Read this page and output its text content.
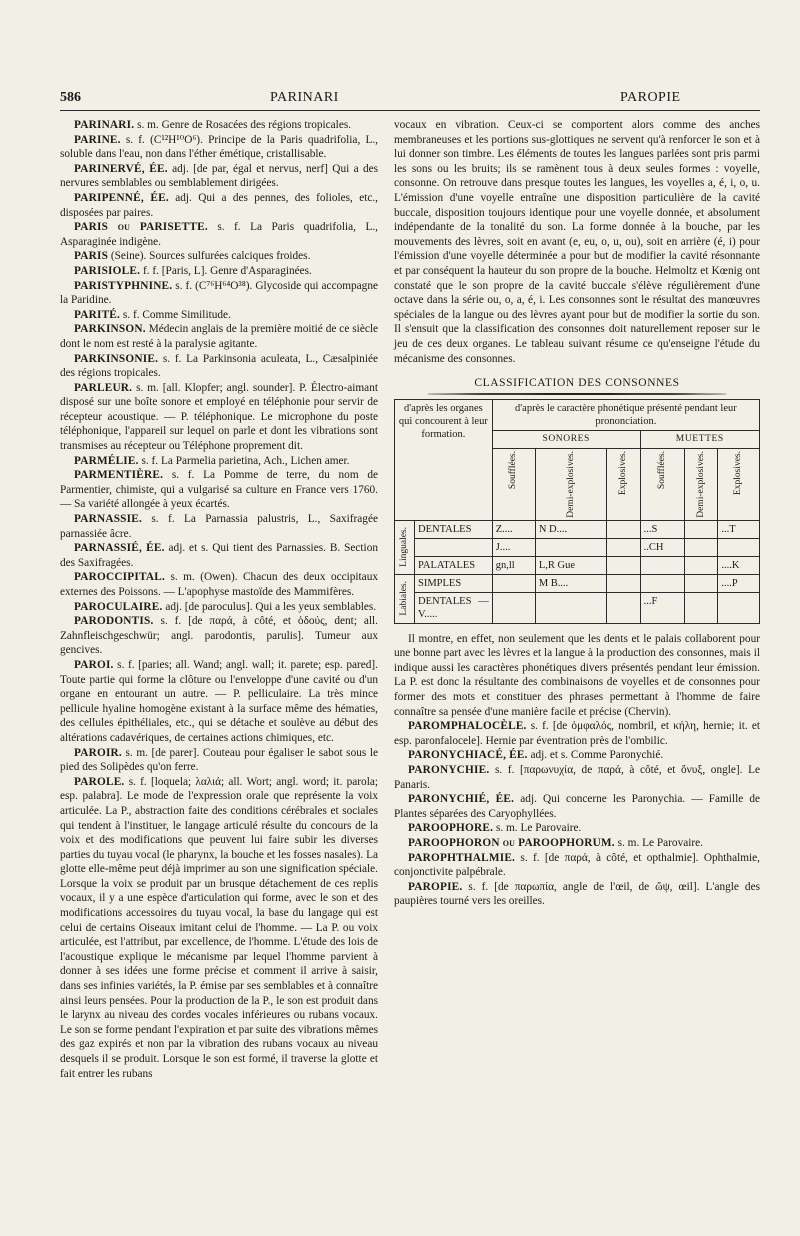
586	PARINARI	PAROPIE

PARINARI. s. m. Genre de Rosacées des régions tropicales.

PARINE. s. f. (C¹²H¹⁰O⁶). Principe de la Paris quadrifolia, L., soluble dans l'eau, non dans l'éther émétique, cristallisable.

PARINERVÉ, ÉE. adj. [de par, égal et nervus, nerf] Qui a des nervures semblables ou semblablement dirigées.

PARIPENNÉ, ÉE. adj. Qui a des pennes, des folioles, etc., disposées par paires.

PARIS ou PARISETTE. s. f. La Paris quadrifolia, L., Asparaginée indigène.

PARIS (Seine). Sources sulfurées calciques froides.

PARISIOLE. f. f. [Paris, L]. Genre d'Asparaginées.

PARISTYPHNINE. s. f. (C⁷⁶H⁶⁴O³⁸). Glycoside qui accompagne la Paridine.

PARITÉ. s. f. Comme Similitude.

PARKINSON. Médecin anglais de la première moitié de ce siècle dont le nom est resté à la paralysie agitante.

PARKINSONIE. s. f. La Parkinsonia aculeata, L., Cæsalpiniée des régions tropicales.

PARLEUR. s. m. [all. Klopfer; angl. sounder]. P. Électro-aimant disposé sur une boîte sonore et employé en téléphonie pour servir de récepteur acoustique. — P. téléphonique. Le microphone du poste téléphonique, l'appareil sur lequel on parle et dont les vibrations sont transmises au récepteur ou Téléphone proprement dit.

PARMÉLIE. s. f. La Parmelia parietina, Ach., Lichen amer.

PARMENTIÈRE. s. f. La Pomme de terre, du nom de Parmentier, chimiste, qui a vulgarisé sa culture en France vers 1760. — Sa variété allongée à yeux écartés.

PARNASSIE. s. f. La Parnassia palustris, L., Saxifragée parnassiée âcre.

PARNASSIÉ, ÉE. adj. et s. Qui tient des Parnassies. B. Section des Saxifragées.

PAROCCIPITAL. s. m. (Owen). Chacun des deux occipitaux externes des Poissons. — L'apophyse mastoïde des Mammifères.

PAROCULAIRE. adj. [de paroculus]. Qui a les yeux semblables.

PARODONTIS. s. f. [de παρά, à côté, et ὀδούς, dent; all. Zahnfleischgeschwür; angl. parodontis, parulis]. Tumeur aux gencives.

PAROI. s. f. [paries; all. Wand; angl. wall; it. parete; esp. pared]. Toute partie qui forme la clôture ou l'enveloppe d'une cavité ou d'un organe en entourant un autre. — P. pelliculaire. La très mince pellicule hyaline homogène existant à la surface même des hématies, des cellules épithéliales, etc., qui se détache et soulève au début des altérations cadavériques, de certaines actions chimiques, etc.

PAROIR. s. m. [de parer]. Couteau pour égaliser le sabot sous le pied des Solipèdes qu'on ferre.

PAROLE. s. f. [loquela; λαλιά; all. Wort; angl. word; it. parola; esp. palabra]. Le mode de l'expression orale que représente la voix articulée. La P., abstraction faite des conditions cérébrales et sociales qui tendent à l'instituer, le langage articulé résulte du concours de la voix et des modifications que peuvent lui faire subir les diverses parties du tuyau vocal (le pharynx, la bouche et les fosses nasales). La glotte elle-même peut déjà imprimer au son une signification spéciale. Lorsque la voix se produit par un brusque détachement de ces replis vocaux, il y a une espèce d'articulation qui forme, avec le son et des modifications accessoires du tuyau vocal, la base du langage qui est celui de certains Oiseaux imitant celui de l'homme. — La P. ou voix articulée, est l'attribut, par excellence, de l'homme. L'étude des lois de l'acoustique explique le mécanisme par lequel l'homme parvient à donner à ses idées une forme précise et comment il arrive à saisir, dans ses infinies variétés, la P. émise par ses semblables et à connaître ainsi leurs pensées. Pour la production de la P., le son est produit dans le larynx au niveau des cordes vocales inférieures ou rubans vocaux. Le son se forme pendant l'expiration et par suite des vibrations mêmes des gaz expirés et non par la vibration des rubans vocaux au niveau desquels il se produit. Lorsque le son est formé, il traverse la glotte et fait entrer les rubans

vocaux en vibration. Ceux-ci se comportent alors comme des anches membraneuses et les portions sus-glottiques ne servent qu'à renforcer le son et à lui donner son timbre. Les éléments de toutes les langues parlées sont pris parmi les sons ou les bruits; ils se ramènent tous à deux seules formes : voyelle, consonne. On retrouve dans presque toutes les langues, les voyelles a, é, i, o, u. L'émission d'une voyelle entraîne une disposition particulière de la cavité buccale, disposition toujours identique pour une voyelle donnée, et absolument indépendante de la tonalité du son. La forme donnée à la bouche, par les mouvements des lèvres, soit en avant (e, eu, o, u, ou), soit en arrière (é, i) pour l'émission d'une voyelle déterminée a pour but de modifier la cavité résonnante et par conséquent la hauteur du son propre de la bouche. Helmoltz et Kœnig ont constaté que le son propre de la cavité buccale s'élève régulièrement d'une octave dans la série ou, o, a, é, i. Les consonnes sont le résultat des manœuvres spéciales de la langue ou des lèvres ayant pour but de modifier la sortie du son. Il s'ensuit que la classification des consonnes doit naturellement reposer sur le jeu de ces deux organes. Le tableau suivant résume ce qu'enseigne l'étude du mécanisme des consonnes.

CLASSIFICATION DES CONSONNES
d'après les organes qui concourent à leur formation.		d'après le caractère phonétique présenté pendant leur prononciation.					
		SONORES			MUETTES		

		Soufflées.	Demi-explosives.	Explosives.	Soufflées.	Demi-explosives.	Explosives.

Linguales.	DENTALES	Z....	N D....		...S		...T
		J....			..CH		
	PALATALES	gn,ll	L,R Gue				....K

Labiales.	SIMPLES		M B....				....P
	DENTALES — V.....				...F		

Il montre, en effet, non seulement que les dents et le palais collaborent pour une bonne part avec les lèvres et la langue à la production des consonnes, mais il indique aussi les caractères phonétiques divers présentés pendant leur émission. La P. est donc la résultante des combinaisons de voyelles et de consonnes pour former des mots et constituer des phrases permettant à l'homme de faire connaître sa pensée d'une manière facile et précise (Chervin).

PAROMPHALOCÈLE. s. f. [de ὀμφαλός, nombril, et κήλη, hernie; it. et esp. paronfalocele]. Hernie par éventration près de l'ombilic.

PARONYCHIACÉ, ÉE. adj. et s. Comme Paronychié.

PARONYCHIE. s. f. [παρωνυχία, de παρά, à côté, et ὄνυξ, ongle]. Le Panaris.

PARONYCHIÉ, ÉE. adj. Qui concerne les Paronychia. — Famille de Plantes séparées des Caryophyllées.

PAROOPHORE. s. m. Le Parovaire.

PAROOPHORON ou PAROOPHORUM. s. m. Le Parovaire.

PAROPHTHALMIE. s. f. [de παρά, à côté, et opthalmie]. Ophthalmie, conjonctivite palpébrale.

PAROPIE. s. f. [de παρωπία, angle de l'œil, de ὤψ, œil]. L'angle des paupières tourné vers les oreilles.
